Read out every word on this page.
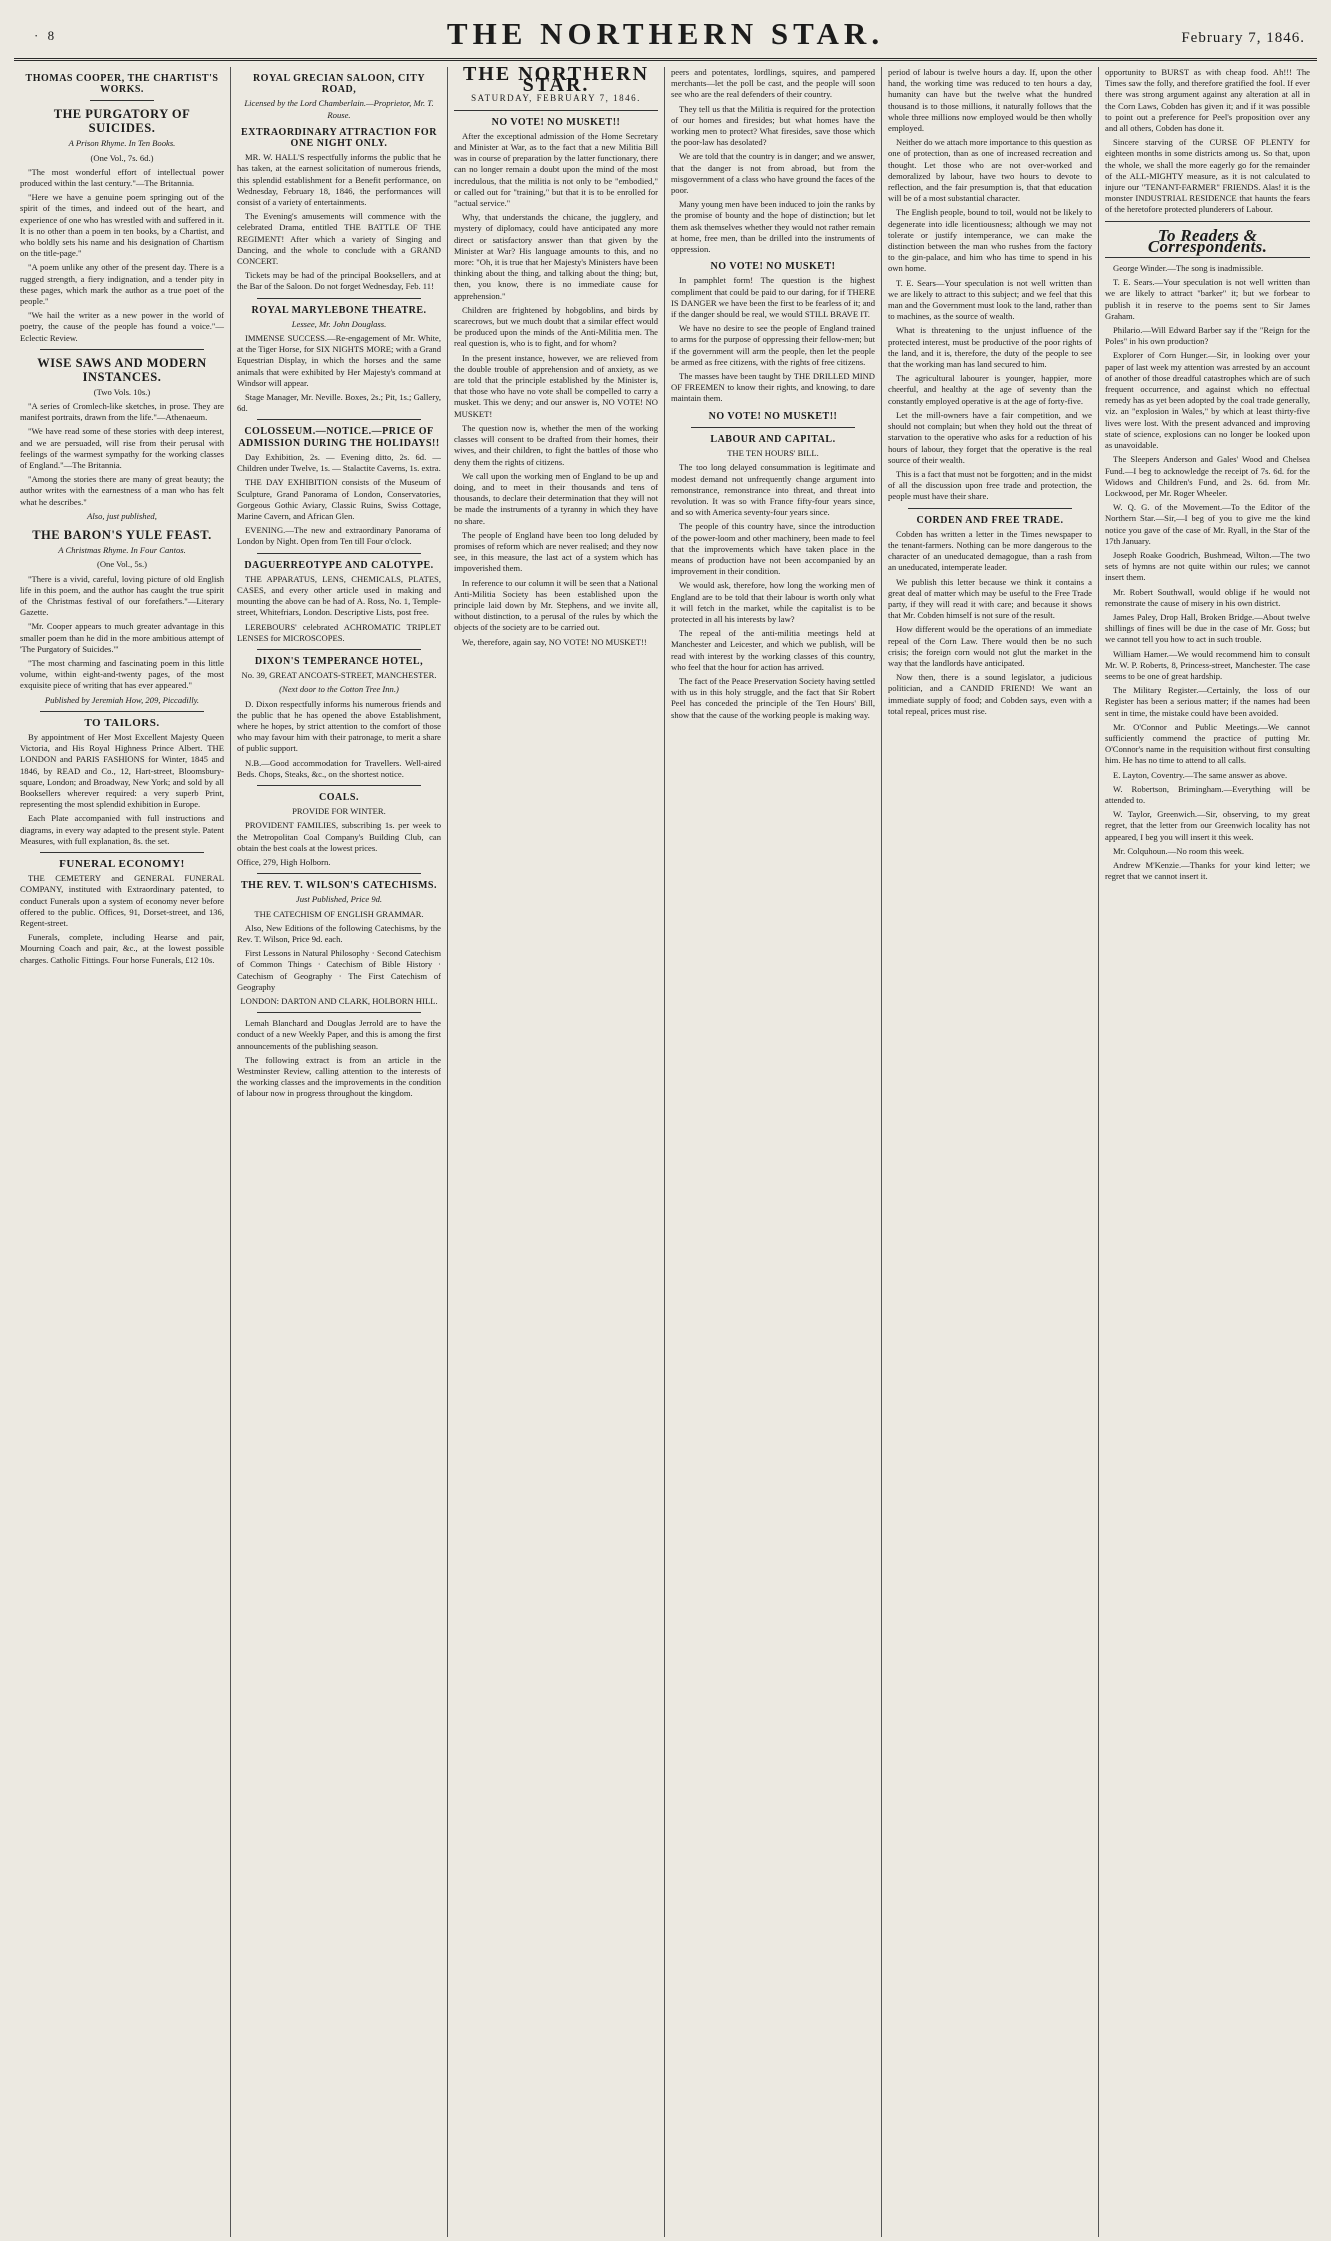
· 8	THE NORTHERN STAR.	February 7, 1846.
THOMAS COOPER, THE CHARTIST'S WORKS.
THE PURGATORY OF SUICIDES.
A Prison Rhyme. In Ten Books.
(One Vol., 7s. 6d.)

"The most wonderful effort of intellectual power produced within the last century."—The Britannia.

"Here we have a genuine poem springing out of the spirit of the times, and indeed out of the heart, and experience of one who has wrestled with and suffered in it. It is no other than a poem in ten books, by a Chartist, and who boldly sets his name and his designation of Chartism on the title-page."

"A poem unlike any other of the present day. There is a rugged strength, a fiery indignation, and a tender pity in these pages, which mark the author as a true poet of the people."

"We hail the writer as a new power in the world of poetry, the cause of the people has found a voice."—Eclectic Review.

WISE SAWS AND MODERN INSTANCES.
(Two Vols. 10s.)

"A series of Cromlech-like sketches, in prose. They are manifest portraits, drawn from the life."—Athenaeum.

"We have read some of these stories with deep interest, and we are persuaded, will rise from their perusal with feelings of the warmest sympathy for the working classes of England."—The Britannia.

"Among the stories there are many of great beauty; the author writes with the earnestness of a man who has felt what he describes."

Also, just published,
THE BARON'S YULE FEAST.
A Christmas Rhyme. In Four Cantos.
(One Vol., 5s.)

"There is a vivid, careful, loving picture of old English life in this poem, and the author has caught the true spirit of the Christmas festival of our forefathers."—Literary Gazette.

"Mr. Cooper appears to much greater advantage in this smaller poem than he did in the more ambitious attempt of 'The Purgatory of Suicides.'"

"The most charming and fascinating poem in this little volume, within eight-and-twenty pages, of the most exquisite piece of writing that has ever appeared."

Published by Jeremiah How, 209, Piccadilly.
TO TAILORS.

By appointment of Her Most Excellent Majesty Queen Victoria, and His Royal Highness Prince Albert. THE LONDON and PARIS FASHIONS for Winter, 1845 and 1846, by READ and Co., 12, Hart-street, Bloomsbury-square, London; and Broadway, New York; and sold by all Booksellers wherever required: a very superb Print, representing the most splendid exhibition in Europe.

Each Plate accompanied with full instructions and diagrams, in every way adapted to the present style. Patent Measures, with full explanation, 8s. the set.

FUNERAL ECONOMY!

THE CEMETERY and GENERAL FUNERAL COMPANY, instituted with Extraordinary patented, to conduct Funerals upon a system of economy never before offered to the public. Offices, 91, Dorset-street, and 136, Regent-street.

Funerals, complete, including Hearse and pair, Mourning Coach and pair, &c., at the lowest possible charges. Catholic Fittings. Four horse Funerals, £12 10s.

ROYAL GRECIAN SALOON, CITY ROAD,
Licensed by the Lord Chamberlain.—Proprietor, Mr. T. Rouse.
EXTRAORDINARY ATTRACTION FOR ONE NIGHT ONLY.

MR. W. HALL'S respectfully informs the public that he has taken, at the earnest solicitation of numerous friends, this splendid establishment for a Benefit performance, on Wednesday, February 18, 1846, the performances will consist of a variety of entertainments.

The Evening's amusements will commence with the celebrated Drama, entitled THE BATTLE OF THE REGIMENT! After which a variety of Singing and Dancing, and the whole to conclude with a GRAND CONCERT.

Tickets may be had of the principal Booksellers, and at the Bar of the Saloon. Do not forget Wednesday, Feb. 11!

ROYAL MARYLEBONE THEATRE.
Lessee, Mr. John Douglass.

IMMENSE SUCCESS.—Re-engagement of Mr. White, at the Tiger Horse, for SIX NIGHTS MORE; with a Grand Equestrian Display, in which the horses and the same animals that were exhibited by Her Majesty's command at Windsor will appear.

Stage Manager, Mr. Neville. Boxes, 2s.; Pit, 1s.; Gallery, 6d.

COLOSSEUM.—NOTICE.—PRICE OF ADMISSION DURING THE HOLIDAYS!!

Day Exhibition, 2s. — Evening ditto, 2s. 6d. — Children under Twelve, 1s. — Stalactite Caverns, 1s. extra.

THE DAY EXHIBITION consists of the Museum of Sculpture, Grand Panorama of London, Conservatories, Gorgeous Gothic Aviary, Classic Ruins, Swiss Cottage, Marine Cavern, and African Glen.

EVENING.—The new and extraordinary Panorama of London by Night. Open from Ten till Four o'clock.

DAGUERREOTYPE AND CALOTYPE.

THE APPARATUS, LENS, CHEMICALS, PLATES, CASES, and every other article used in making and mounting the above can be had of A. Ross, No. 1, Temple-street, Whitefriars, London. Descriptive Lists, post free.

LEREBOURS' celebrated ACHROMATIC TRIPLET LENSES for MICROSCOPES.

DIXON'S TEMPERANCE HOTEL,
No. 39, GREAT ANCOATS-STREET, MANCHESTER.
(Next door to the Cotton Tree Inn.)

D. Dixon respectfully informs his numerous friends and the public that he has opened the above Establishment, where he hopes, by strict attention to the comfort of those who may favour him with their patronage, to merit a share of public support.

N.B.—Good accommodation for Travellers. Well-aired Beds. Chops, Steaks, &c., on the shortest notice.

COALS.
PROVIDE FOR WINTER.

PROVIDENT FAMILIES, subscribing 1s. per week to the Metropolitan Coal Company's Building Club, can obtain the best coals at the lowest prices.

Office, 279, High Holborn.

THE REV. T. WILSON'S CATECHISMS.
Just Published, Price 9d.
THE CATECHISM OF ENGLISH GRAMMAR.

Also, New Editions of the following Catechisms, by the Rev. T. Wilson, Price 9d. each.

First Lessons in Natural Philosophy · Second Catechism of Common Things · Catechism of Bible History · Catechism of Geography · The First Catechism of Geography

LONDON: DARTON AND CLARK, HOLBORN HILL.

Lemah Blanchard and Douglas Jerrold are to have the conduct of a new Weekly Paper, and this is among the first announcements of the publishing season.

The following extract is from an article in the Westminster Review, calling attention to the interests of the working classes and the improvements in the condition of labour now in progress throughout the kingdom.

THE NORTHERN STAR.
SATURDAY, FEBRUARY 7, 1846.
NO VOTE! NO MUSKET!!

After the exceptional admission of the Home Secretary and Minister at War, as to the fact that a new Militia Bill was in course of preparation by the latter functionary, there can no longer remain a doubt upon the mind of the most incredulous, that the militia is not only to be "embodied," or called out for "training," but that it is to be enrolled for "actual service."

Why, that understands the chicane, the jugglery, and mystery of diplomacy, could have anticipated any more direct or satisfactory answer than that given by the Minister at War? His language amounts to this, and no more: "Oh, it is true that her Majesty's Ministers have been thinking about the thing, and talking about the thing; but, then, you know, there is no immediate cause for apprehension."

Children are frightened by hobgoblins, and birds by scarecrows, but we much doubt that a similar effect would be produced upon the minds of the Anti-Militia men. The real question is, who is to fight, and for whom?

In the present instance, however, we are relieved from the double trouble of apprehension and of anxiety, as we are told that the principle established by the Minister is, that those who have no vote shall be compelled to carry a musket. This we deny; and our answer is, NO VOTE! NO MUSKET!

The question now is, whether the men of the working classes will consent to be drafted from their homes, their wives, and their children, to fight the battles of those who deny them the rights of citizens.

We call upon the working men of England to be up and doing, and to meet in their thousands and tens of thousands, to declare their determination that they will not be made the instruments of a tyranny in which they have no share.

The people of England have been too long deluded by promises of reform which are never realised; and they now see, in this measure, the last act of a system which has impoverished them.

In reference to our column it will be seen that a National Anti-Militia Society has been established upon the principle laid down by Mr. Stephens, and we invite all, without distinction, to a perusal of the rules by which the objects of the society are to be carried out.

We, therefore, again say, NO VOTE! NO MUSKET!!

peers and potentates, lordlings, squires, and pampered merchants—let the poll be cast, and the people will soon see who are the real defenders of their country.

They tell us that the Militia is required for the protection of our homes and firesides; but what homes have the working men to protect? What firesides, save those which the poor-law has desolated?

We are told that the country is in danger; and we answer, that the danger is not from abroad, but from the misgovernment of a class who have ground the faces of the poor.

Many young men have been induced to join the ranks by the promise of bounty and the hope of distinction; but let them ask themselves whether they would not rather remain at home, free men, than be drilled into the instruments of oppression.

NO VOTE! NO MUSKET!

In pamphlet form! The question is the highest compliment that could be paid to our daring, for if THERE IS DANGER we have been the first to be fearless of it; and if the danger should be real, we would STILL BRAVE IT.

We have no desire to see the people of England trained to arms for the purpose of oppressing their fellow-men; but if the government will arm the people, then let the people be armed as free citizens, with the rights of free citizens.

The masses have been taught by THE DRILLED MIND OF FREEMEN to know their rights, and knowing, to dare maintain them.

NO VOTE! NO MUSKET!!
LABOUR AND CAPITAL.
THE TEN HOURS' BILL.

The too long delayed consummation is legitimate and modest demand not unfrequently change argument into remonstrance, remonstrance into threat, and threat into revolution. It was so with France fifty-four years since, and so with America seventy-four years since.

The people of this country have, since the introduction of the power-loom and other machinery, been made to feel that the improvements which have taken place in the means of production have not been accompanied by an improvement in their condition.

We would ask, therefore, how long the working men of England are to be told that their labour is worth only what it will fetch in the market, while the capitalist is to be protected in all his interests by law?

The repeal of the anti-militia meetings held at Manchester and Leicester, and which we publish, will be read with interest by the working classes of this country, who feel that the hour for action has arrived.

The fact of the Peace Preservation Society having settled with us in this holy struggle, and the fact that Sir Robert Peel has conceded the principle of the Ten Hours' Bill, show that the cause of the working people is making way.

period of labour is twelve hours a day. If, upon the other hand, the working time was reduced to ten hours a day, humanity can have but the twelve what the hundred thousand is to those millions, it naturally follows that the whole three millions now employed would be then wholly employed.

Neither do we attach more importance to this question as one of protection, than as one of increased recreation and thought. Let those who are not over-worked and demoralized by labour, have two hours to devote to reflection, and the fair presumption is, that that education will be of a most substantial character.

The English people, bound to toil, would not be likely to degenerate into idle licentiousness; although we may not tolerate or justify intemperance, we can make the distinction between the man who rushes from the factory to the gin-palace, and him who has time to spend in his own home.

T. E. Sears—Your speculation is not well written than we are likely to attract to this subject; and we feel that this man and the Government must look to the land, rather than to machines, as the source of wealth.

What is threatening to the unjust influence of the protected interest, must be productive of the poor rights of the land, and it is, therefore, the duty of the people to see that the working man has land secured to him.

The agricultural labourer is younger, happier, more cheerful, and healthy at the age of seventy than the constantly employed operative is at the age of forty-five.

Let the mill-owners have a fair competition, and we should not complain; but when they hold out the threat of starvation to the operative who asks for a reduction of his hours of labour, they forget that the operative is the real source of their wealth.

This is a fact that must not be forgotten; and in the midst of all the discussion upon free trade and protection, the people must have their share.

CORDEN AND FREE TRADE.

Cobden has written a letter in the Times newspaper to the tenant-farmers. Nothing can be more dangerous to the character of an uneducated demagogue, than a rash from an uneducated, intemperate leader.

We publish this letter because we think it contains a great deal of matter which may be useful to the Free Trade party, if they will read it with care; and because it shows that Mr. Cobden himself is not sure of the result.

How different would be the operations of an immediate repeal of the Corn Law. There would then be no such crisis; the foreign corn would not glut the market in the way that the landlords have anticipated.

Now then, there is a sound legislator, a judicious politician, and a CANDID FRIEND! We want an immediate supply of food; and Cobden says, even with a total repeal, prices must rise.

opportunity to BURST as with cheap food. Ah!!! The Times saw the folly, and therefore gratified the fool. If ever there was strong argument against any alteration at all in the Corn Laws, Cobden has given it; and if it was possible to point out a preference for Peel's proposition over any and all others, Cobden has done it.

Sincere starving of the CURSE OF PLENTY for eighteen months in some districts among us. So that, upon the whole, we shall the more eagerly go for the remainder of the ALL-MIGHTY measure, as it is not calculated to injure our "TENANT-FARMER" FRIENDS. Alas! it is the monster INDUSTRIAL RESIDENCE that haunts the fears of the heretofore protected plunderers of Labour.

To Readers & Correspondents.

George Winder.—The song is inadmissible.

T. E. Sears.—Your speculation is not well written than we are likely to attract "barker" it; but we forbear to publish it in reserve to the poems sent to Sir James Graham.

Philario.—Will Edward Barber say if the "Reign for the Poles" in his own production?

Explorer of Corn Hunger.—Sir, in looking over your paper of last week my attention was arrested by an account of another of those dreadful catastrophes which are of such frequent occurrence, and against which no effectual remedy has as yet been adopted by the coal trade generally, viz. an "explosion in Wales," by which at least thirty-five lives were lost. With the present advanced and improving state of science, explosions can no longer be looked upon as unavoidable.

The Sleepers Anderson and Gales' Wood and Chelsea Fund.—I beg to acknowledge the receipt of 7s. 6d. for the Widows and Children's Fund, and 2s. 6d. from Mr. Lockwood, per Mr. Roger Wheeler.

W. Q. G. of the Movement.—To the Editor of the Northern Star.—Sir,—I beg of you to give me the kind notice you gave of the case of Mr. Ryall, in the Star of the 17th January.

Joseph Roake Goodrich, Bushmead, Wilton.—The two sets of hymns are not quite within our rules; we cannot insert them.

Mr. Robert Southwall, would oblige if he would not remonstrate the cause of misery in his own district.

James Paley, Drop Hall, Broken Bridge.—About twelve shillings of fines will be due in the case of Mr. Goss; but we cannot tell you how to act in such trouble.

William Hamer.—We would recommend him to consult Mr. W. P. Roberts, 8, Princess-street, Manchester. The case seems to be one of great hardship.

The Military Register.—Certainly, the loss of our Register has been a serious matter; if the names had been sent in time, the mistake could have been avoided.

Mr. O'Connor and Public Meetings.—We cannot sufficiently commend the practice of putting Mr. O'Connor's name in the requisition without first consulting him. He has no time to attend to all calls.

E. Layton, Coventry.—The same answer as above.

W. Robertson, Brimingham.—Everything will be attended to.

W. Taylor, Greenwich.—Sir, observing, to my great regret, that the letter from our Greenwich locality has not appeared, I beg you will insert it this week.

Mr. Colquhoun.—No room this week.

Andrew M'Kenzie.—Thanks for your kind letter; we regret that we cannot insert it.
